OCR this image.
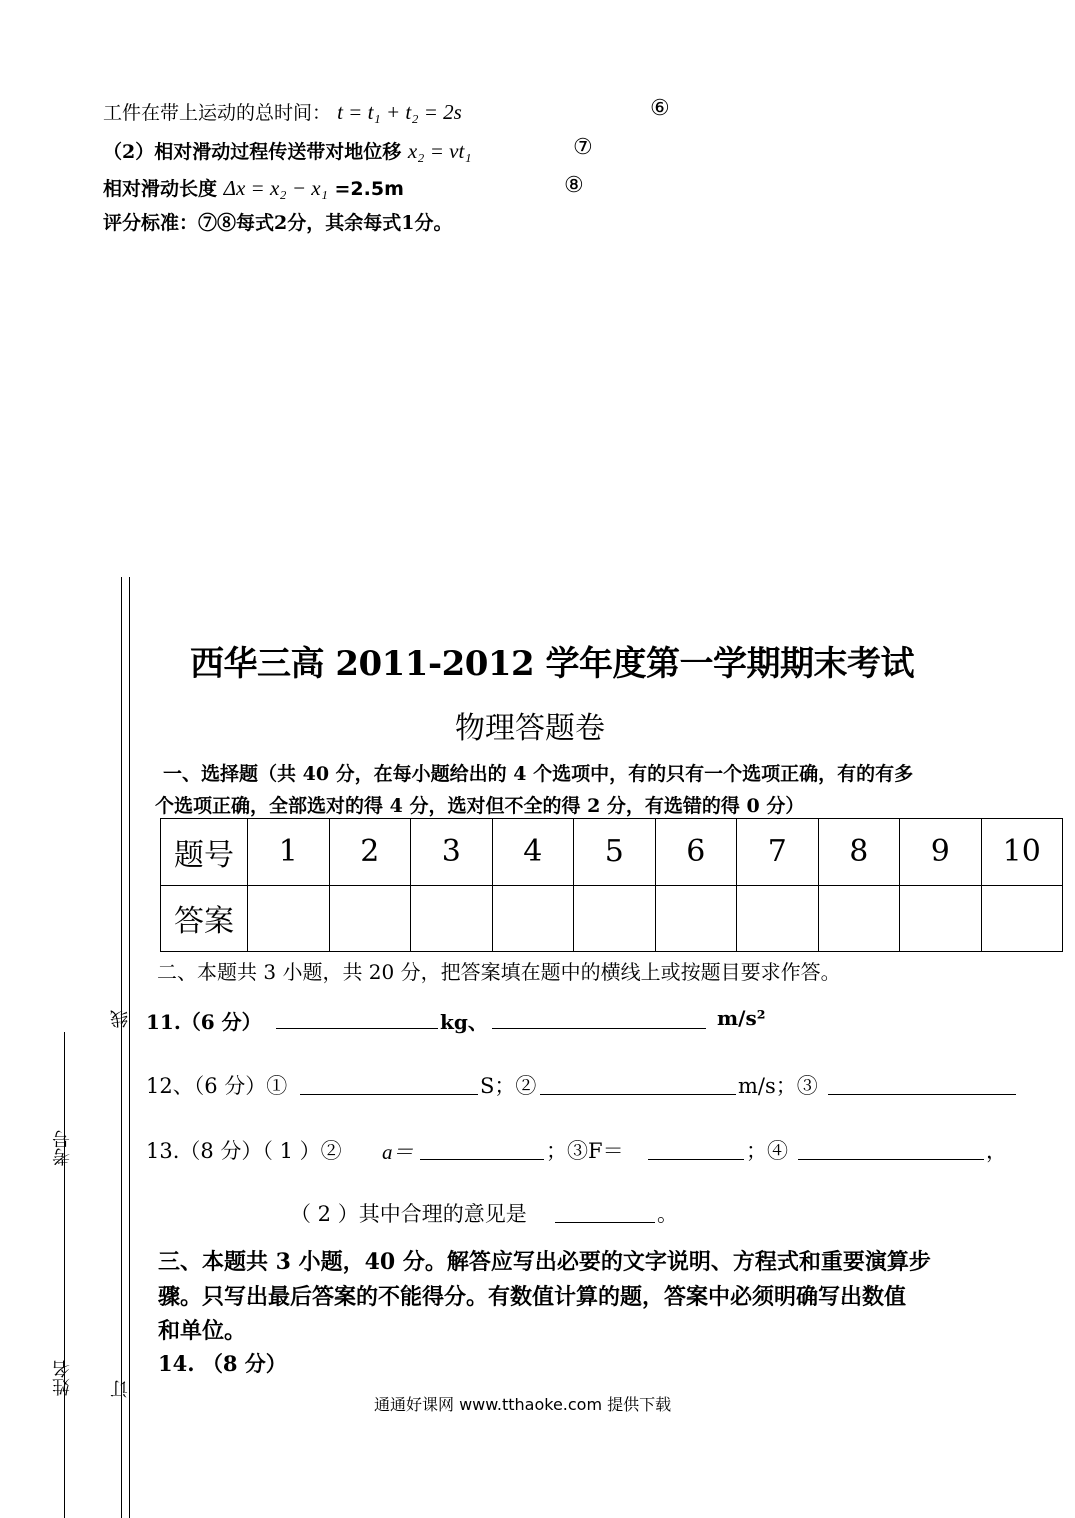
工件在带上运动的总时间： t = t₁ + t₂ = 2s	⑥
（2）相对滑动过程传送带对地位移 x₂ = vt₁	⑦
相对滑动长度 Δx = x₂ − x₁ =2.5m	⑧
评分标准：⑦⑧每式2分，其余每式1分。
线
订
考号
姓名
西华三高 2011-2012 学年度第一学期期末考试
物理答题卷
一、选择题（共 40 分，在每小题给出的 4 个选项中，有的只有一个选项正确，有的有多
个选项正确，全部选对的得 4 分，选对但不全的得 2 分，有选错的得 0 分）
题号	1	2	3	4	5	6	7	8	9	10
答案										
二、本题共 3 小题，共 20 分，把答案填在题中的横线上或按题目要求作答。
11.（6 分）	kg、	m/s²
12、（6 分）①	S；②	m/s；③
13.（8 分）（ 1 ）② a＝	；③F＝	；④	，
（ 2 ）其中合理的意见是	。
三、本题共 3 小题，40 分。解答应写出必要的文字说明、方程式和重要演算步
骤。只写出最后答案的不能得分。有数值计算的题，答案中必须明确写出数值
和单位。
14. （8 分）
通通好课网 www.tthaoke.com 提供下载
